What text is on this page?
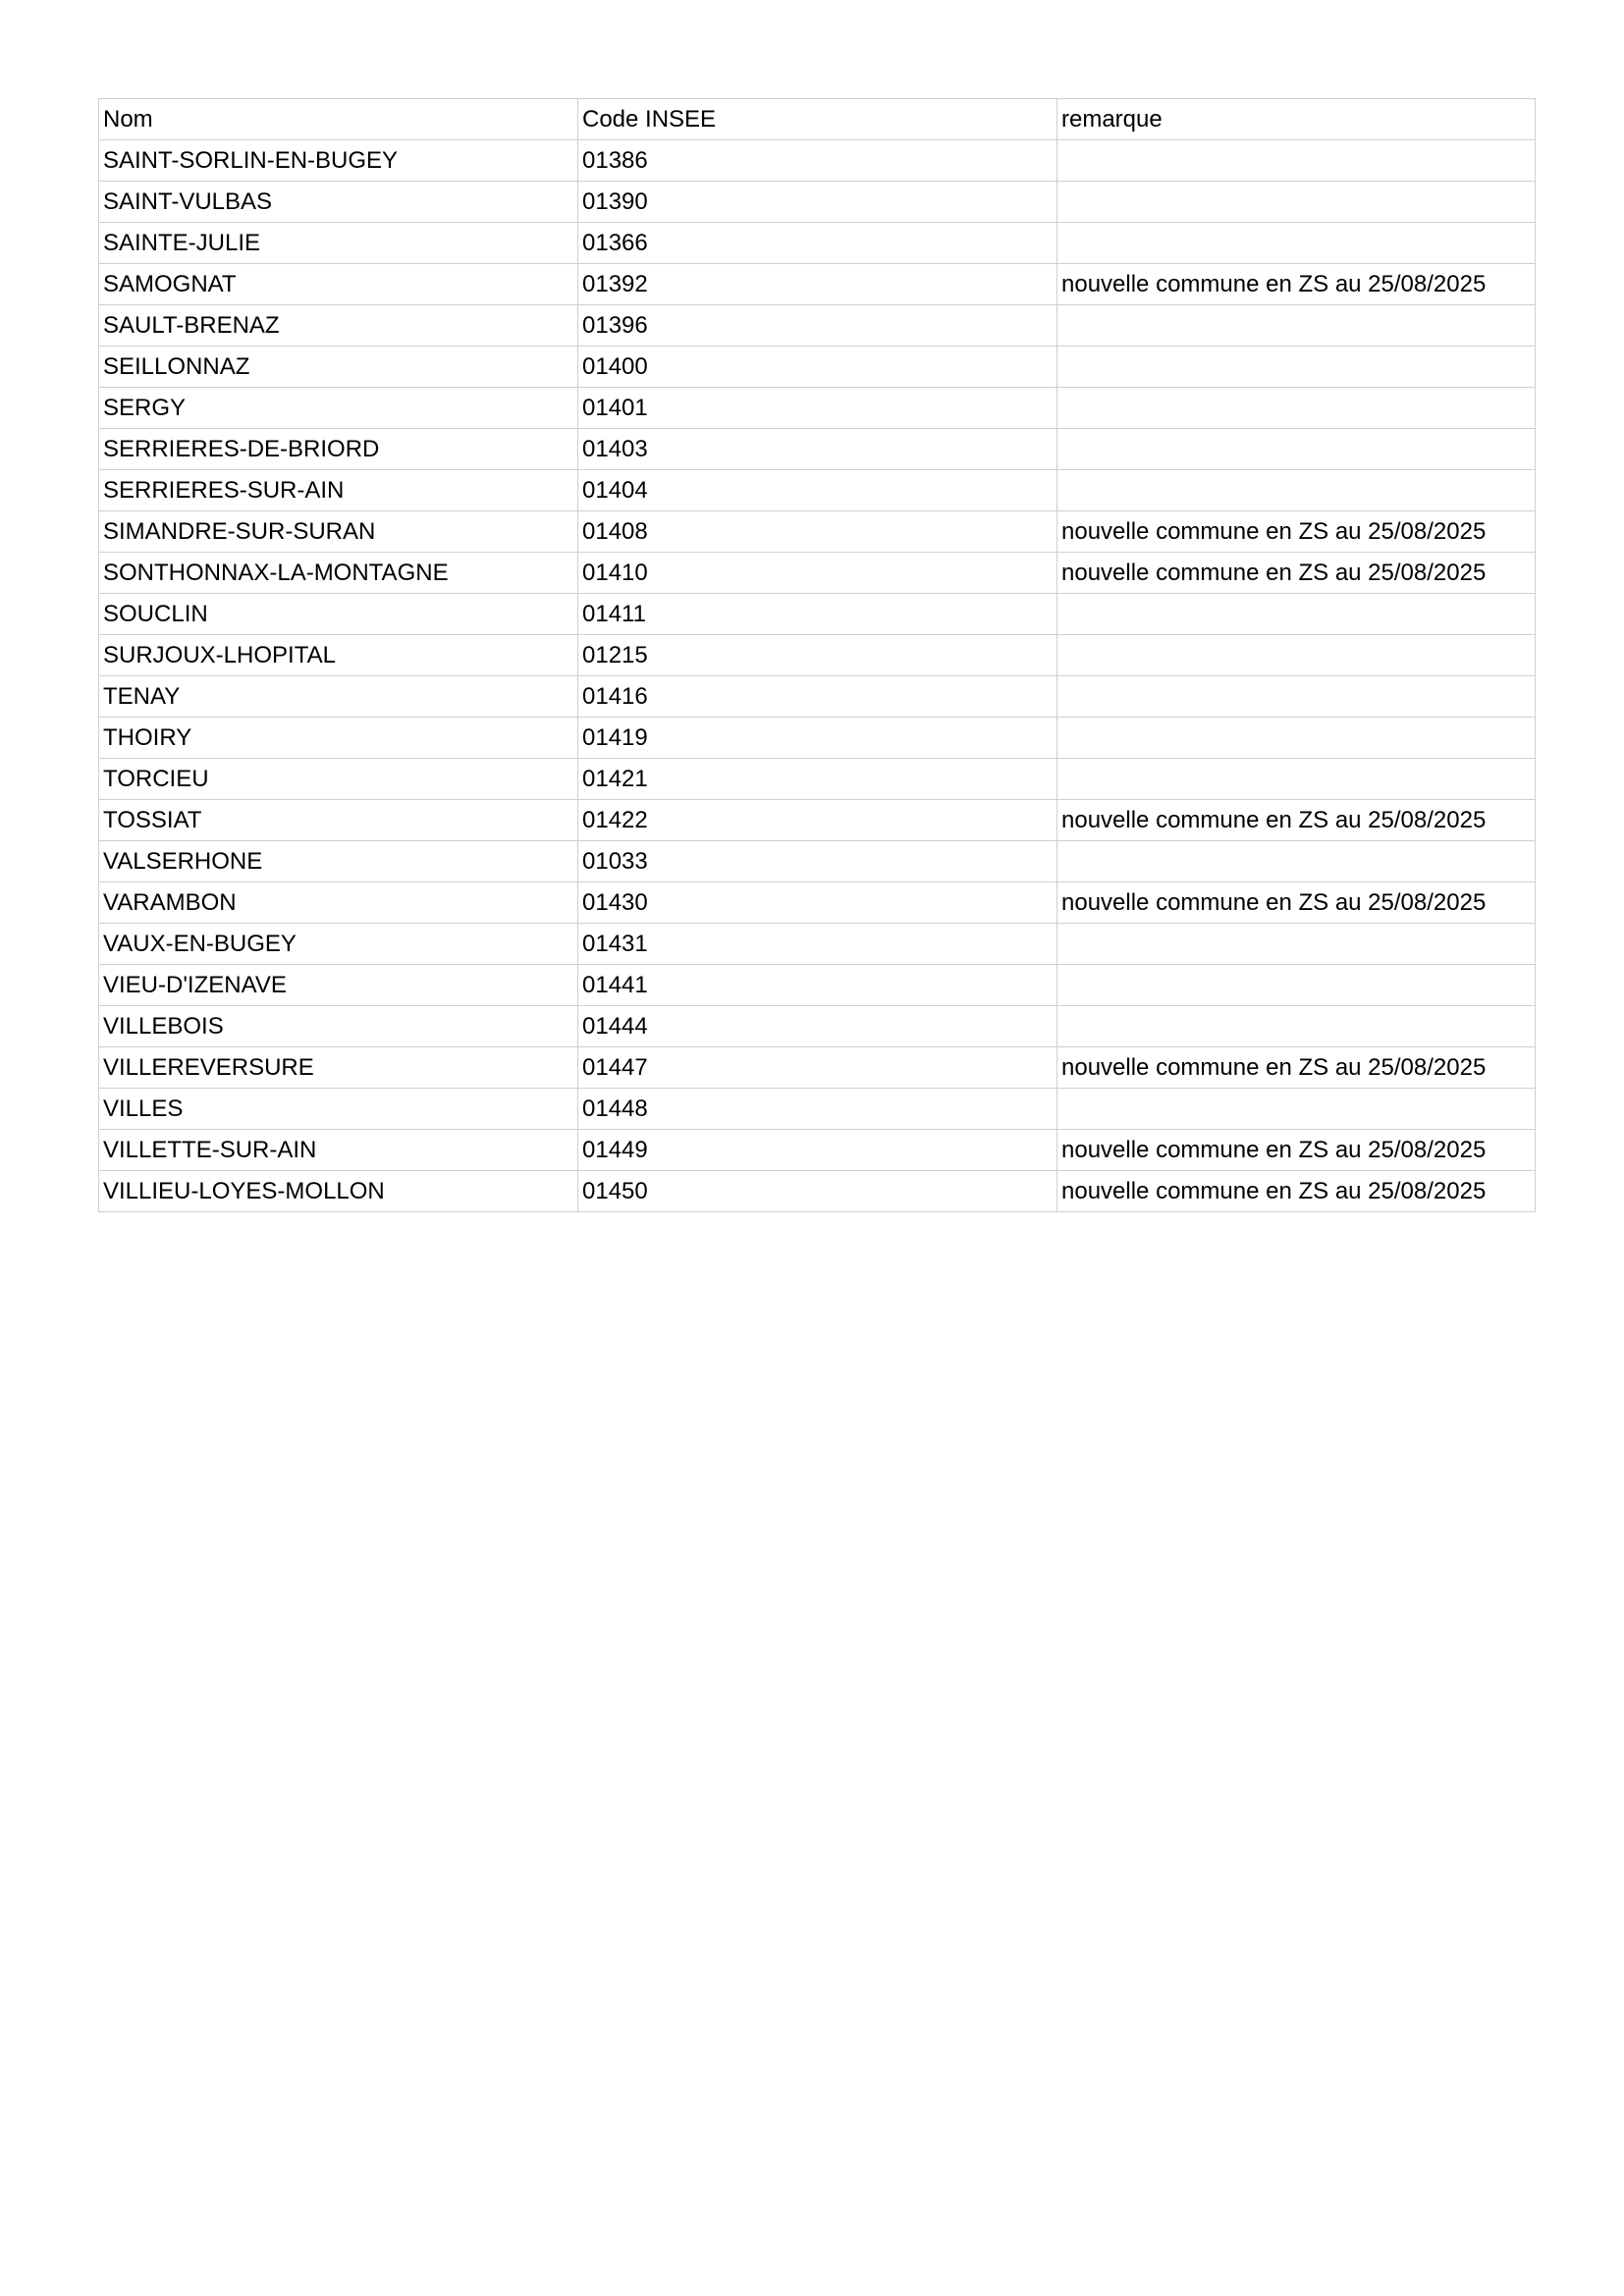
Nom	Code INSEE	remarque
SAINT-SORLIN-EN-BUGEY	01386	
SAINT-VULBAS	01390	
SAINTE-JULIE	01366	
SAMOGNAT	01392	nouvelle commune en ZS au 25/08/2025
SAULT-BRENAZ	01396	
SEILLONNAZ	01400	
SERGY	01401	
SERRIERES-DE-BRIORD	01403	
SERRIERES-SUR-AIN	01404	
SIMANDRE-SUR-SURAN	01408	nouvelle commune en ZS au 25/08/2025
SONTHONNAX-LA-MONTAGNE	01410	nouvelle commune en ZS au 25/08/2025
SOUCLIN	01411	
SURJOUX-LHOPITAL	01215	
TENAY	01416	
THOIRY	01419	
TORCIEU	01421	
TOSSIAT	01422	nouvelle commune en ZS au 25/08/2025
VALSERHONE	01033	
VARAMBON	01430	nouvelle commune en ZS au 25/08/2025
VAUX-EN-BUGEY	01431	
VIEU-D'IZENAVE	01441	
VILLEBOIS	01444	
VILLEREVERSURE	01447	nouvelle commune en ZS au 25/08/2025
VILLES	01448	
VILLETTE-SUR-AIN	01449	nouvelle commune en ZS au 25/08/2025
VILLIEU-LOYES-MOLLON	01450	nouvelle commune en ZS au 25/08/2025
